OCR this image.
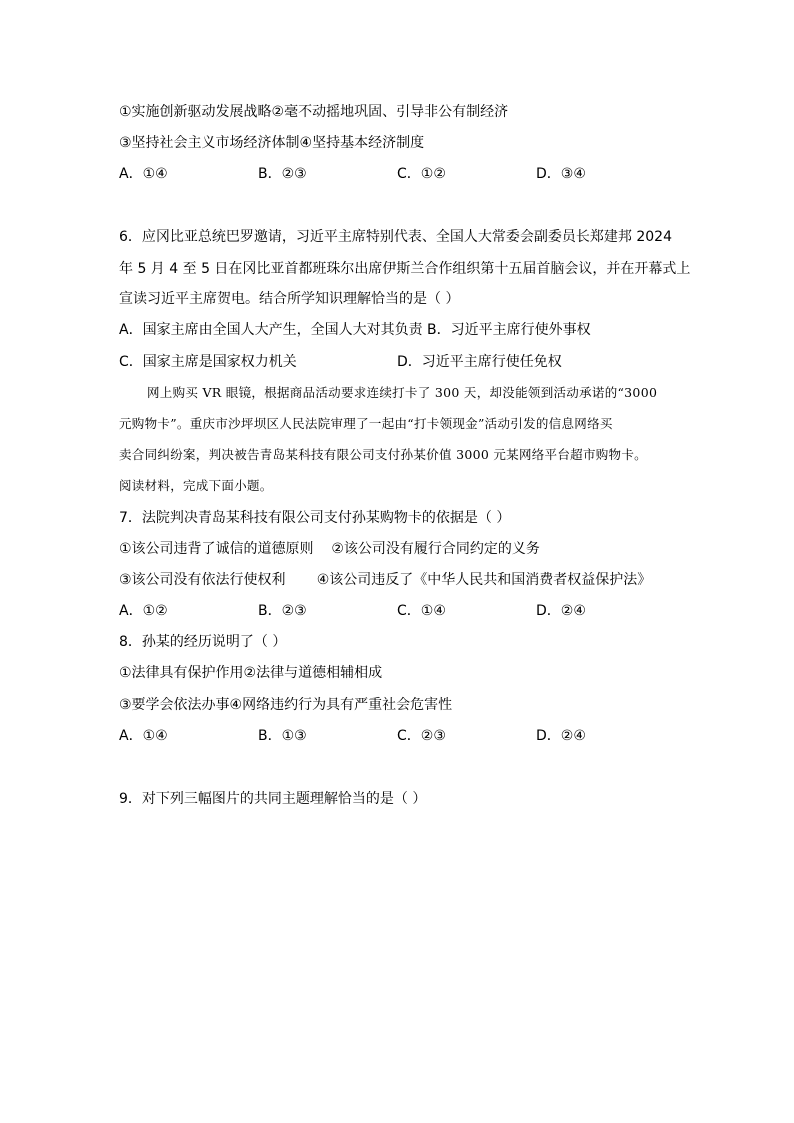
①实施创新驱动发展战略②毫不动摇地巩固、引导非公有制经济
③坚持社会主义市场经济体制④坚持基本经济制度
A．①④	B．②③	C．①②	D．③④
6．应冈比亚总统巴罗邀请，习近平主席特别代表、全国人大常委会副委员长郑建邦 2024
年 5 月 4 至 5 日在冈比亚首都班珠尔出席伊斯兰合作组织第十五届首脑会议，并在开幕式上
宣读习近平主席贺电。结合所学知识理解恰当的是（ ）
A．国家主席由全国人大产生，全国人大对其负责 B．习近平主席行使外事权
C．国家主席是国家权力机关	D．习近平主席行使任免权
网上购买 VR 眼镜，根据商品活动要求连续打卡了 300 天，却没能领到活动承诺的“3000
元购物卡”。重庆市沙坪坝区人民法院审理了一起由“打卡领现金”活动引发的信息网络买
卖合同纠纷案，判决被告青岛某科技有限公司支付孙某价值 3000 元某网络平台超市购物卡。
阅读材料，完成下面小题。
7．法院判决青岛某科技有限公司支付孙某购物卡的依据是（ ）
①该公司违背了诚信的道德原则    ②该公司没有履行合同约定的义务
③该公司没有依法行使权利       ④该公司违反了《中华人民共和国消费者权益保护法》
A．①②	B．②③	C．①④	D．②④
8．孙某的经历说明了（ ）
①法律具有保护作用②法律与道德相辅相成
③要学会依法办事④网络违约行为具有严重社会危害性
A．①④	B．①③	C．②③	D．②④
9．对下列三幅图片的共同主题理解恰当的是（ ）
